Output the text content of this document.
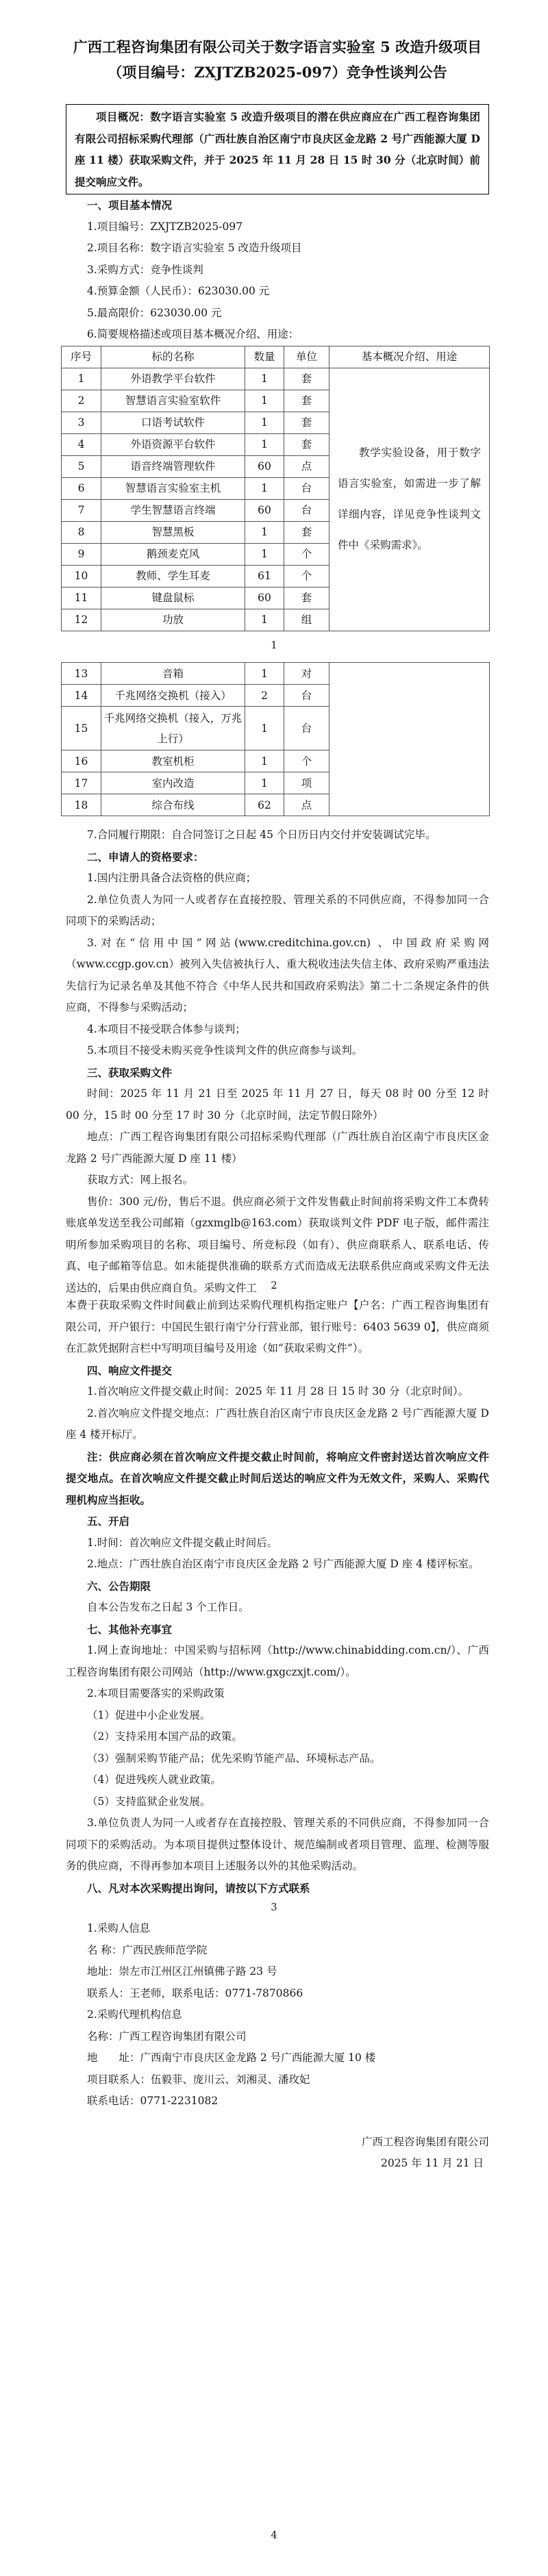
广西工程咨询集团有限公司关于数字语言实验室 5 改造升级项目
（项目编号：ZXJTZB2025-097）竞争性谈判公告

项目概况：数字语言实验室 5 改造升级项目的潜在供应商应在广西工程咨询集团有限公司招标采购代理部（广西壮族自治区南宁市良庆区金龙路 2 号广西能源大厦 D 座 11 楼）获取采购文件，并于 2025 年 11 月 28 日 15 时 30 分（北京时间）前提交响应文件。

一、项目基本情况

1.项目编号：ZXJTZB2025-097

2.项目名称：数字语言实验室 5 改造升级项目

3.采购方式：竞争性谈判

4.预算金额（人民币）：623030.00 元

5.最高限价：623030.00 元

6.简要规格描述或项目基本概况介绍、用途：

序号	标的名称	数量	单位	基本概况介绍、用途
1	外语教学平台软件	1	套	教学实验设备，用于数字语言实验室，如需进一步了解详细内容，详见竞争性谈判文件中《采购需求》。
2	智慧语言实验室软件	1	套	
3	口语考试软件	1	套	
4	外语资源平台软件	1	套	
5	语音终端管理软件	60	点	
6	智慧语言实验室主机	1	台	
7	学生智慧语言终端	60	台	
8	智慧黑板	1	套	
9	鹅颈麦克风	1	个	
10	教师、学生耳麦	61	个	
11	键盘鼠标	60	套	
12	功放	1	组	
1
13	音箱	1	对	
14	千兆网络交换机（接入）	2	台	
15	千兆网络交换机（接入，万兆上行）	1	台	
16	教室机柜	1	个	
17	室内改造	1	项	
18	综合布线	62	点	

7.合同履行期限：自合同签订之日起 45 个日历日内交付并安装调试完毕。

二、申请人的资格要求：

1.国内注册具备合法资格的供应商；

2.单位负责人为同一人或者存在直接控股、管理关系的不同供应商，不得参加同一合同项下的采购活动；

3.对在“信用中国”网站(www.creditchina.gov.cn) 、中国政府采购网（www.ccgp.gov.cn）被列入失信被执行人、重大税收违法失信主体、政府采购严重违法失信行为记录名单及其他不符合《中华人民共和国政府采购法》第二十二条规定条件的供应商，不得参与采购活动；

4.本项目不接受联合体参与谈判；

5.本项目不接受未购买竞争性谈判文件的供应商参与谈判。

三、获取采购文件

时间：2025 年 11 月 21 日至 2025 年 11 月 27 日，每天 08 时 00 分至 12 时 00 分，15 时 00 分至 17 时 30 分（北京时间，法定节假日除外）

地点：广西工程咨询集团有限公司招标采购代理部（广西壮族自治区南宁市良庆区金龙路 2 号广西能源大厦 D 座 11 楼）

获取方式：网上报名。

售价：300 元/份，售后不退。供应商必须于文件发售截止时间前将采购文件工本费转账底单发送至我公司邮箱（gzxmglb@163.com）获取谈判文件 PDF 电子版，邮件需注明所参加采购项目的名称、项目编号、所竞标段（如有）、供应商联系人、联系电话、传真、电子邮箱等信息。如未能提供准确的联系方式而造成无法联系供应商或采购文件无法送达的，后果由供应商自负。采购文件工	2

本费于获取采购文件时间截止前到达采购代理机构指定账户【户名：广西工程咨询集团有限公司，开户银行：中国民生银行南宁分行营业部，银行账号：6403 5639 0】，供应商须在汇款凭据附言栏中写明项目编号及用途（如“获取采购文件”）。

四、响应文件提交

1.首次响应文件提交截止时间：2025 年 11 月 28 日 15 时 30 分（北京时间）。

2.首次响应文件提交地点：广西壮族自治区南宁市良庆区金龙路 2 号广西能源大厦 D 座 4 楼开标厅。

注：供应商必须在首次响应文件提交截止时间前，将响应文件密封送达首次响应文件提交地点。在首次响应文件提交截止时间后送达的响应文件为无效文件，采购人、采购代理机构应当拒收。

五、开启

1.时间：首次响应文件提交截止时间后。

2.地点：广西壮族自治区南宁市良庆区金龙路 2 号广西能源大厦 D 座 4 楼评标室。

六、公告期限

自本公告发布之日起 3 个工作日。

七、其他补充事宜

1.网上查询地址：中国采购与招标网（http://www.chinabidding.com.cn/）、广西工程咨询集团有限公司网站（http://www.gxgczxjt.com/）。

2.本项目需要落实的采购政策

（1）促进中小企业发展。

（2）支持采用本国产品的政策。

（3）强制采购节能产品；优先采购节能产品、环境标志产品。

（4）促进残疾人就业政策。

（5）支持监狱企业发展。

3.单位负责人为同一人或者存在直接控股、管理关系的不同供应商，不得参加同一合同项下的采购活动。为本项目提供过整体设计、规范编制或者项目管理、监理、检测等服务的供应商，不得再参加本项目上述服务以外的其他采购活动。

八、凡对本次采购提出询问，请按以下方式联系

3

1.采购人信息

名 称：广西民族师范学院

地址：崇左市江州区江州镇佛子路 23 号

联系人：王老师，联系电话：0771-7870866

2.采购代理机构信息

名称：广西工程咨询集团有限公司

地　　址：广西南宁市良庆区金龙路 2 号广西能源大厦 10 楼

项目联系人：伍毅菲、庞川云、刘湘灵、潘玫妃

联系电话：0771-2231082

广西工程咨询集团有限公司

2025 年 11 月 21 日

4
